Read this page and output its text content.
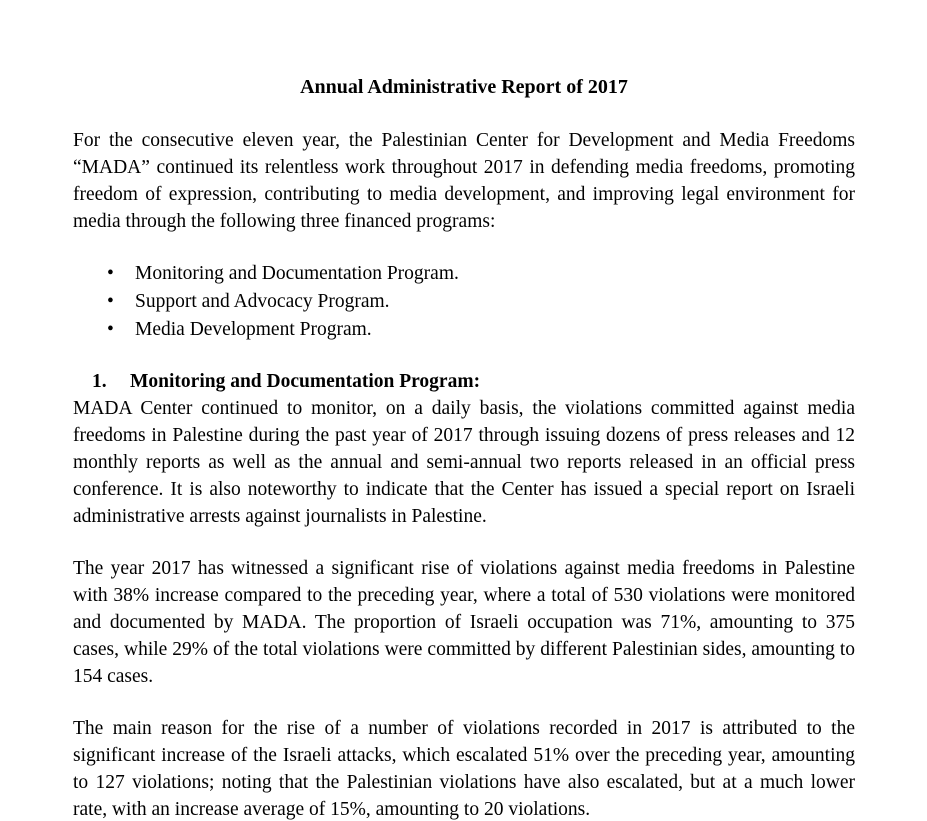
Annual Administrative Report of 2017

For the consecutive eleven year, the Palestinian Center for Development and Media Freedoms “MADA” continued its relentless work throughout 2017 in defending media freedoms, promoting freedom of expression, contributing to media development, and improving legal environment for media through the following three financed programs:

• Monitoring and Documentation Program.
• Support and Advocacy Program.
• Media Development Program.
1. Monitoring and Documentation Program:

MADA Center continued to monitor, on a daily basis, the violations committed against media freedoms in Palestine during the past year of 2017 through issuing dozens of press releases and 12 monthly reports as well as the annual and semi-annual two reports released in an official press conference. It is also noteworthy to indicate that the Center has issued a special report on Israeli administrative arrests against journalists in Palestine.

The year 2017 has witnessed a significant rise of violations against media freedoms in Palestine with 38% increase compared to the preceding year, where a total of 530 violations were monitored and documented by MADA. The proportion of Israeli occupation was 71%, amounting to 375 cases, while 29% of the total violations were committed by different Palestinian sides, amounting to 154 cases.

The main reason for the rise of a number of violations recorded in 2017 is attributed to the significant increase of the Israeli attacks, which escalated 51% over the preceding year, amounting to 127 violations; noting that the Palestinian violations have also escalated, but at a much lower rate, with an increase average of 15%, amounting to 20 violations.
